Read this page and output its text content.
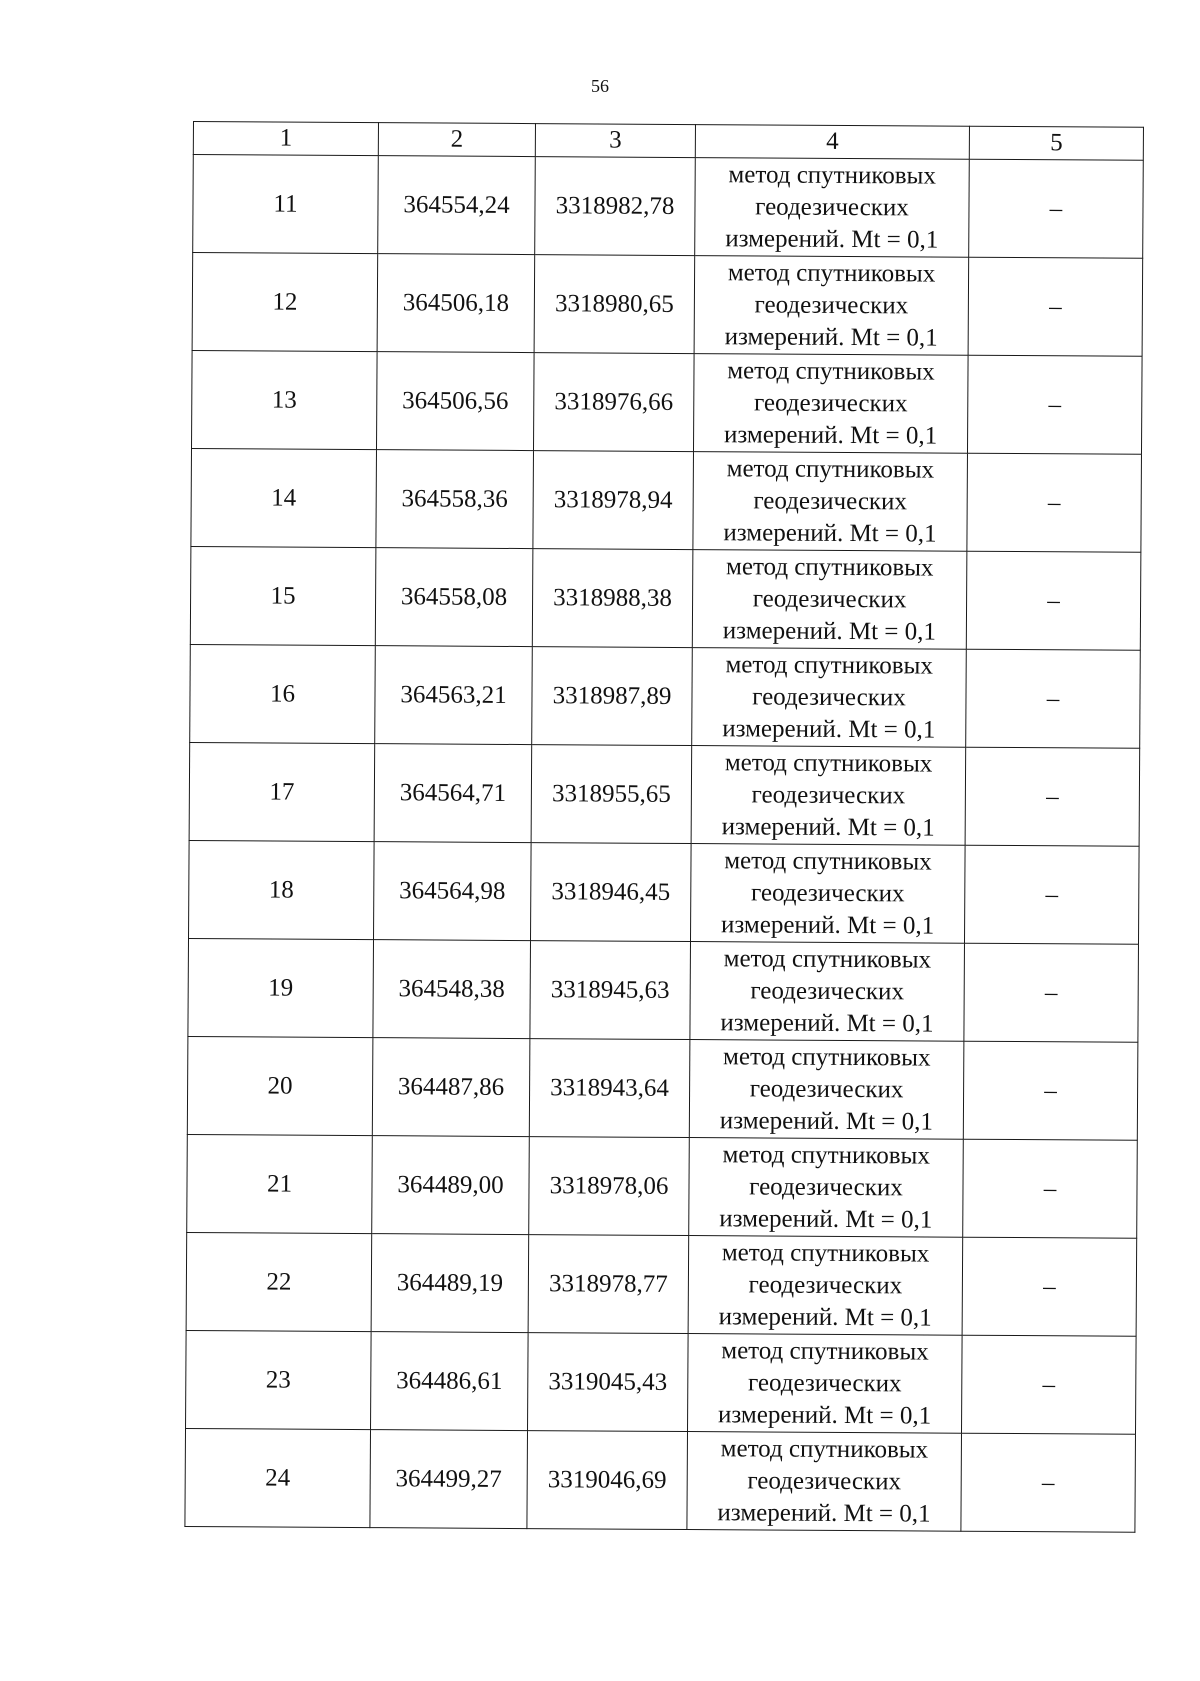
56
1	2	3	4	5
11	364554,24	3318982,78	метод спутниковых
геодезических
измерений. Mt = 0,1	–
12	364506,18	3318980,65	метод спутниковых
геодезических
измерений. Mt = 0,1	–
13	364506,56	3318976,66	метод спутниковых
геодезических
измерений. Mt = 0,1	–
14	364558,36	3318978,94	метод спутниковых
геодезических
измерений. Mt = 0,1	–
15	364558,08	3318988,38	метод спутниковых
геодезических
измерений. Mt = 0,1	–
16	364563,21	3318987,89	метод спутниковых
геодезических
измерений. Mt = 0,1	–
17	364564,71	3318955,65	метод спутниковых
геодезических
измерений. Mt = 0,1	–
18	364564,98	3318946,45	метод спутниковых
геодезических
измерений. Mt = 0,1	–
19	364548,38	3318945,63	метод спутниковых
геодезических
измерений. Mt = 0,1	–
20	364487,86	3318943,64	метод спутниковых
геодезических
измерений. Mt = 0,1	–
21	364489,00	3318978,06	метод спутниковых
геодезических
измерений. Mt = 0,1	–
22	364489,19	3318978,77	метод спутниковых
геодезических
измерений. Mt = 0,1	–
23	364486,61	3319045,43	метод спутниковых
геодезических
измерений. Mt = 0,1	–
24	364499,27	3319046,69	метод спутниковых
геодезических
измерений. Mt = 0,1	–
